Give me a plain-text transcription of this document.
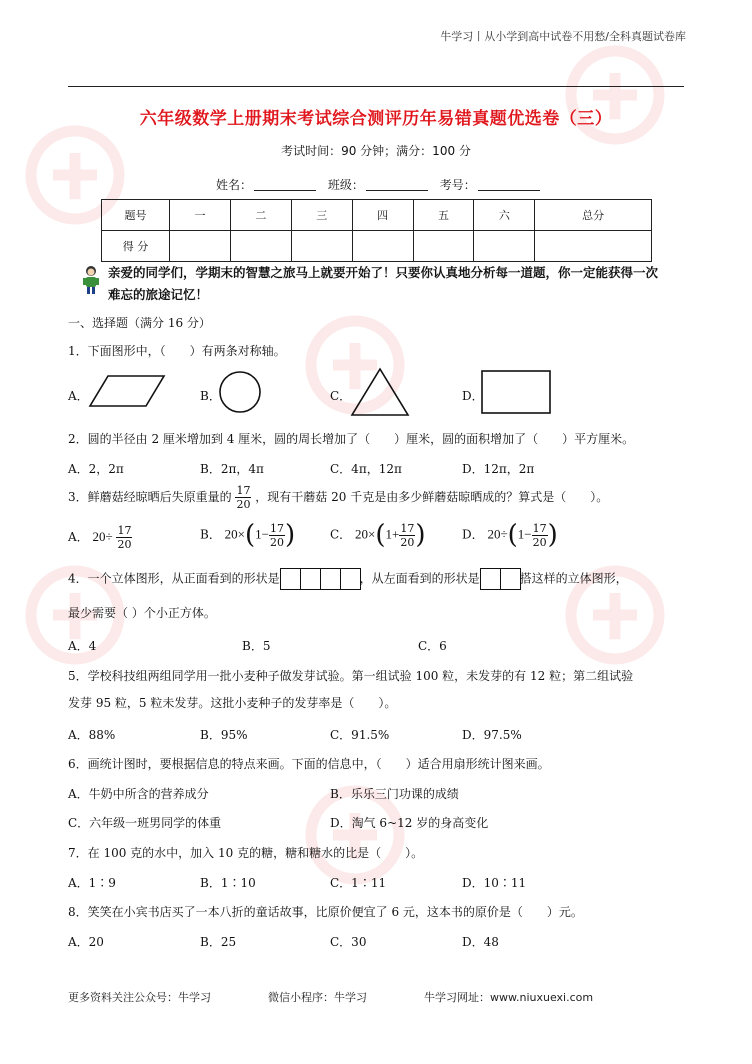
牛学习丨从小学到高中试卷不用愁/全科真题试卷库
六年级数学上册期末考试综合测评历年易错真题优选卷（三）
考试时间：90 分钟；满分：100 分
姓名：	班级：	考号：
题号	一	二	三	四	五	六	总分
得 分							
亲爱的同学们，学期末的智慧之旅马上就要开始了！只要你认真地分析每一道题，你一定能获得一次难忘的旅途记忆！
一、选择题（满分 16 分）
1．下面图形中，（　　）有两条对称轴。
A．	B．	C．	D．
2．圆的半径由 2 厘米增加到 4 厘米，圆的周长增加了（　　）厘米，圆的面积增加了（　　）平方厘米。
A．2，2π	B．2π，4π	C．4π，12π	D．12π，2π
3．鲜蘑菇经晾晒后失原重量的 $\frac{17}{20}$ ，现有干蘑菇 20 千克是由多少鲜蘑菇晾晒成的？算式是（　　）。
A． $20\div \frac{17}{20}$	B． $20\times(1- \frac{17}{20}$ )	C． $20\times(1+ \frac{17}{20}$ )	D． $20\div(1- \frac{17}{20}$ )
4．一个立体图形，从正面看到的形状是	，从左面看到的形状是	搭这样的立体图形，
最少需要（ ）个小正方体。
A．4	B．5	C．6
5．学校科技组两组同学用一批小麦种子做发芽试验。第一组试验 100 粒，未发芽的有 12 粒；第二组试验
发芽 95 粒，5 粒未发芽。这批小麦种子的发芽率是（　　）。
A．88%	B．95%	C．91.5%	D．97.5%
6．画统计图时，要根据信息的特点来画。下面的信息中，（　　）适合用扇形统计图来画。
A．牛奶中所含的营养成分	B．乐乐三门功课的成绩
C．六年级一班男同学的体重	D．淘气 6~12 岁的身高变化
7．在 100 克的水中，加入 10 克的糖，糖和糖水的比是（　　）。
A．1∶9	B．1∶10	C．1∶11	D．10∶11
8．笑笑在小宾书店买了一本八折的童话故事，比原价便宜了 6 元，这本书的原价是（　　）元。
A．20	B．25	C．30	D．48
更多资料关注公众号：牛学习	微信小程序：牛学习	牛学习网址：www.niuxuexi.com
